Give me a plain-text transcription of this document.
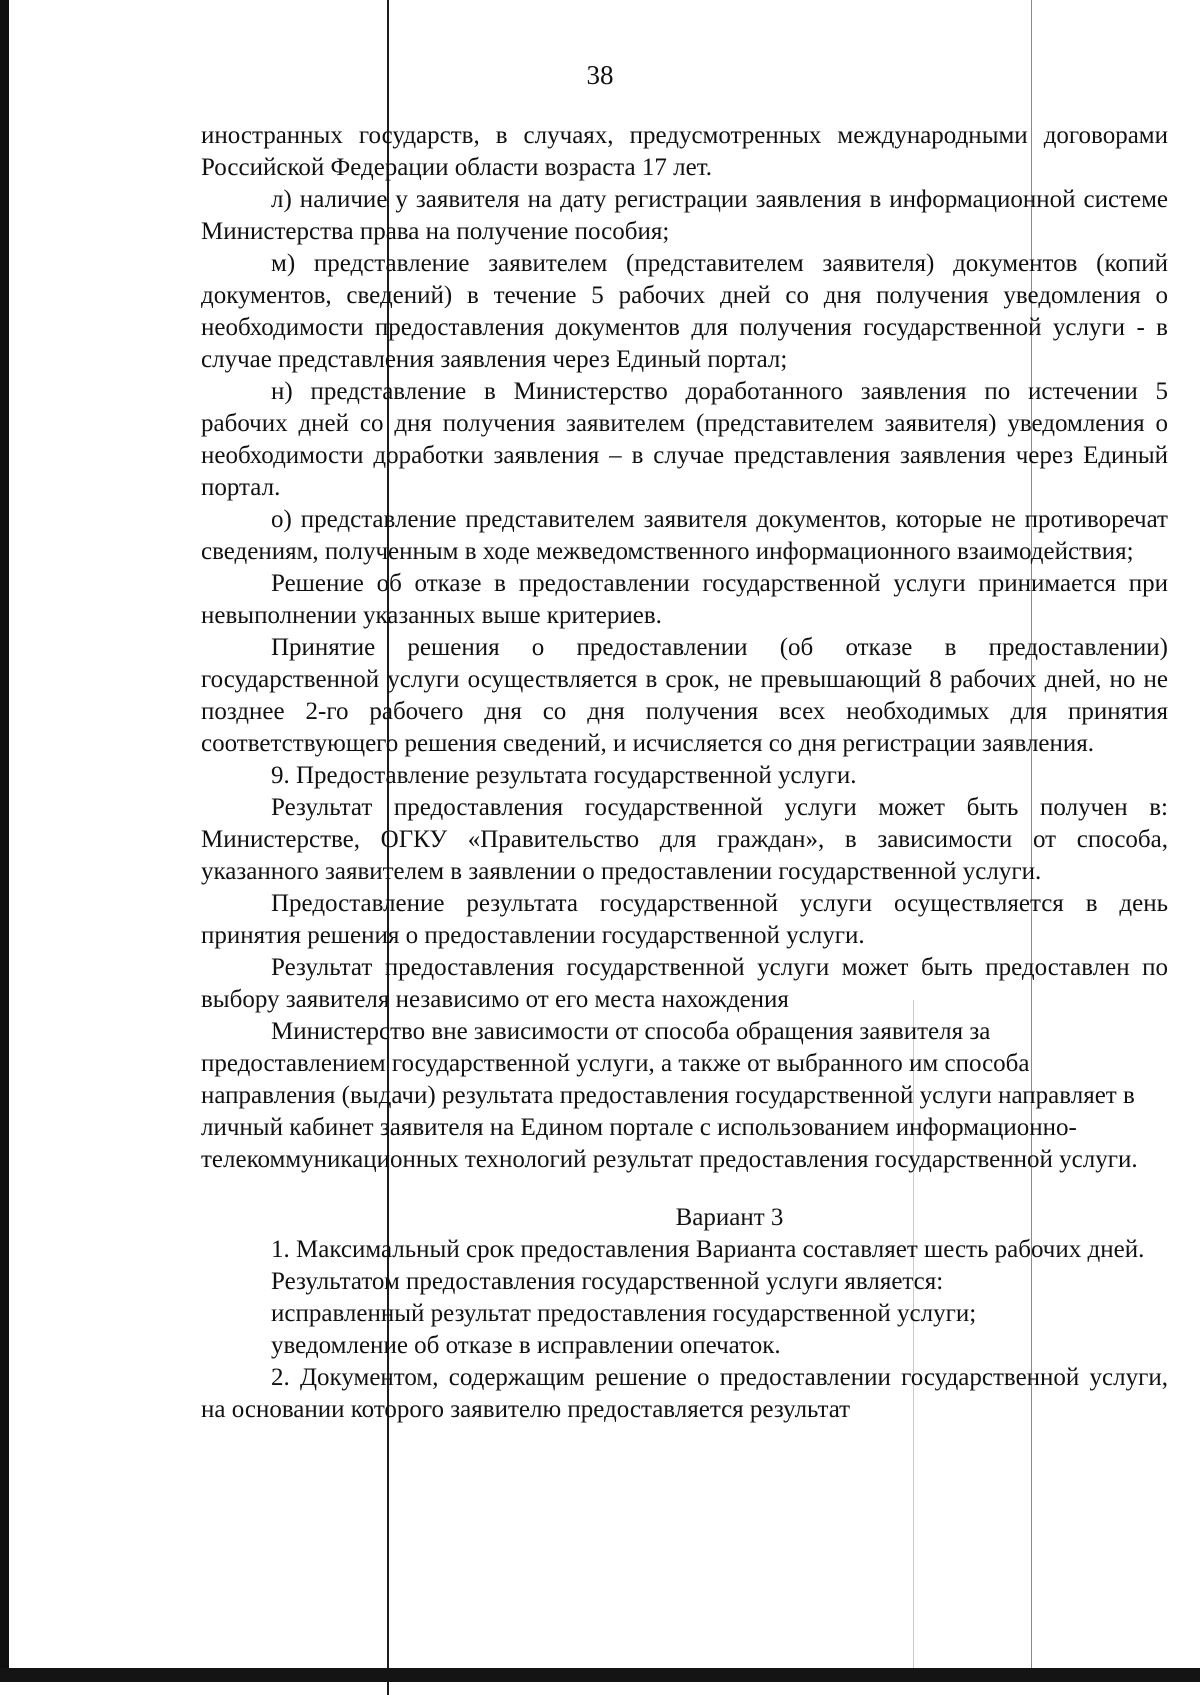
38

иностранных государств, в случаях, предусмотренных международными договорами Российской Федерации области возраста 17 лет.

л) наличие у заявителя на дату регистрации заявления в информационной системе Министерства права на получение пособия;

м) представление заявителем (представителем заявителя) документов (копий документов, сведений) в течение 5 рабочих дней со дня получения уведомления о необходимости предоставления документов для получения государственной услуги - в случае представления заявления через Единый портал;

н) представление в Министерство доработанного заявления по истечении 5 рабочих дней со дня получения заявителем (представителем заявителя) уведомления о необходимости доработки заявления – в случае представления заявления через Единый портал.

о) представление представителем заявителя документов, которые не противоречат сведениям, полученным в ходе межведомственного информационного взаимодействия;

Решение об отказе в предоставлении государственной услуги принимается при невыполнении указанных выше критериев.

Принятие решения о предоставлении (об отказе в предоставлении) государственной услуги осуществляется в срок, не превышающий 8 рабочих дней, но не позднее 2-го рабочего дня со дня получения всех необходимых для принятия соответствующего решения сведений, и исчисляется со дня регистрации заявления.

9. Предоставление результата государственной услуги.

Результат предоставления государственной услуги может быть получен в: Министерстве, ОГКУ «Правительство для граждан», в зависимости от способа, указанного заявителем в заявлении о предоставлении государственной услуги.

Предоставление результата государственной услуги осуществляется в день принятия решения о предоставлении государственной услуги.

Результат предоставления государственной услуги может быть предоставлен по выбору заявителя независимо от его места нахождения

Министерство вне зависимости от способа обращения заявителя за предоставлением государственной услуги, а также от выбранного им способа направления (выдачи) результата предоставления государственной услуги направляет в личный кабинет заявителя на Едином портале с использованием информационно-телекоммуникационных технологий результат предоставления государственной услуги.

Вариант 3

1. Максимальный срок предоставления Варианта составляет шесть рабочих дней.

Результатом предоставления государственной услуги является:

исправленный результат предоставления государственной услуги;

уведомление об отказе в исправлении опечаток.

2. Документом, содержащим решение о предоставлении государственной услуги, на основании которого заявителю предоставляется результат
